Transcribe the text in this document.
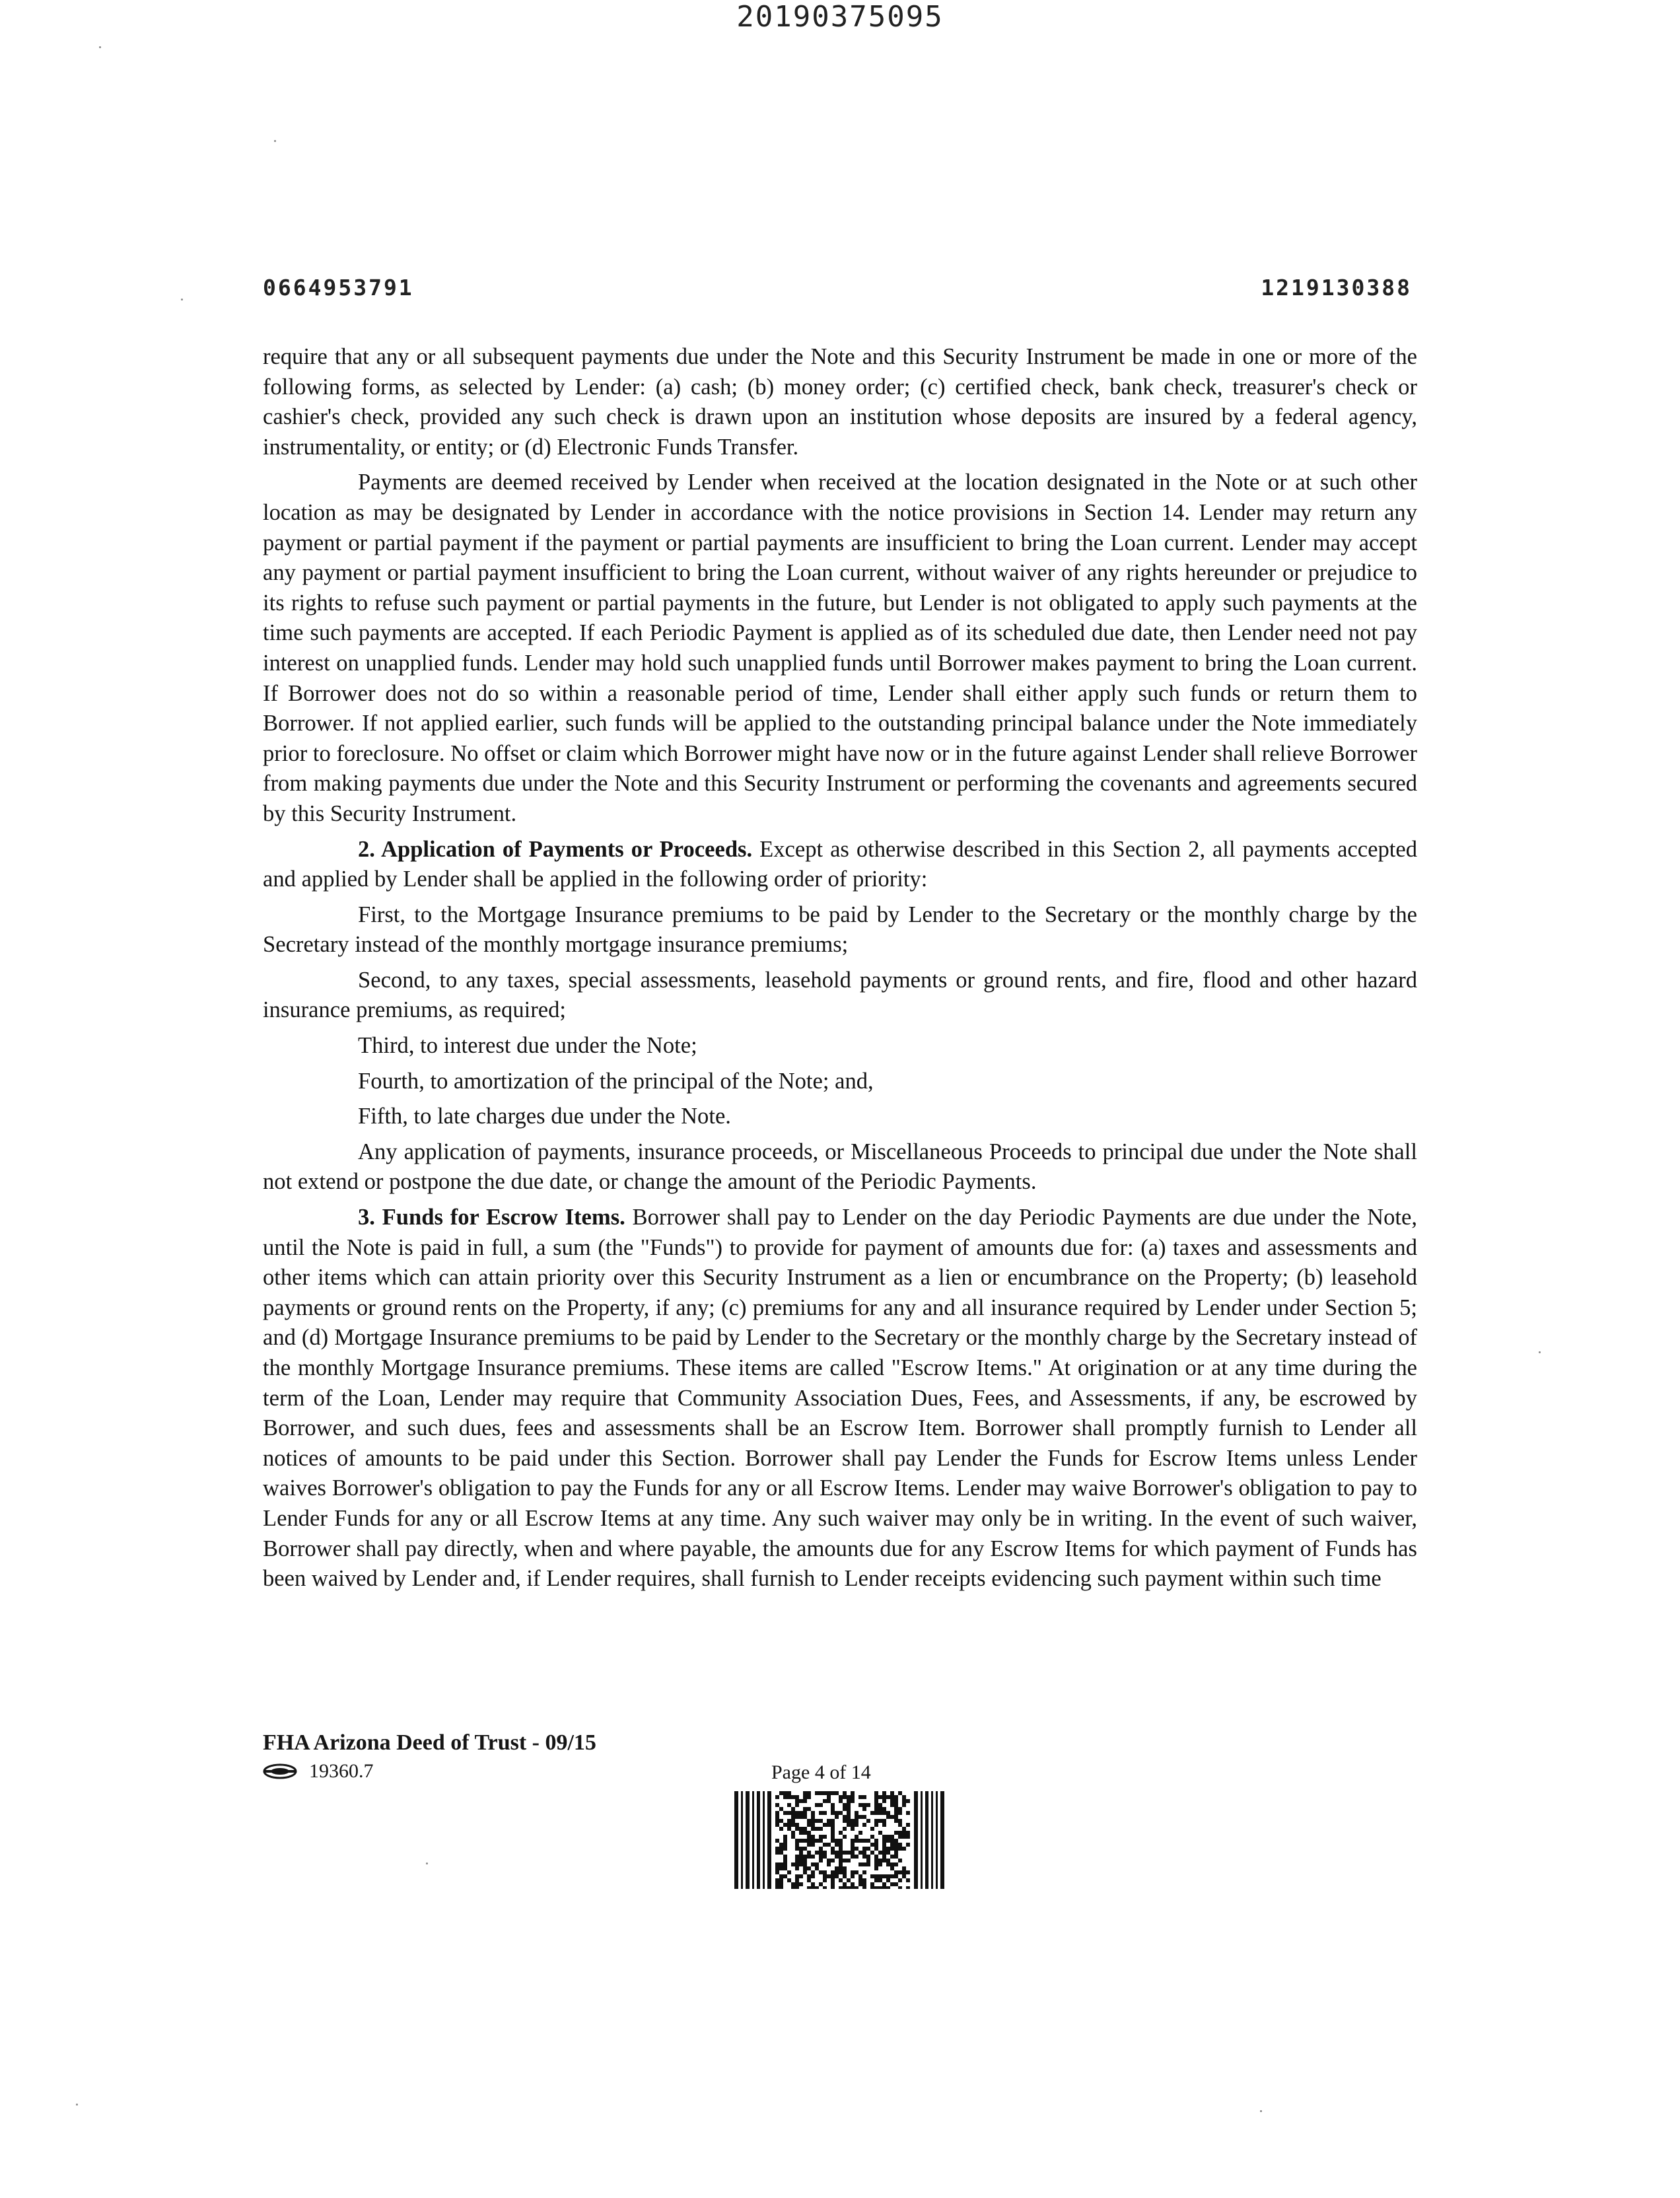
20190375095
0664953791	1219130388

require that any or all subsequent payments due under the Note and this Security Instrument be made in one or more of the following forms, as selected by Lender: (a) cash; (b) money order; (c) certified check, bank check, treasurer's check or cashier's check, provided any such check is drawn upon an institution whose deposits are insured by a federal agency, instrumentality, or entity; or (d) Electronic Funds Transfer.

Payments are deemed received by Lender when received at the location designated in the Note or at such other location as may be designated by Lender in accordance with the notice provisions in Section 14. Lender may return any payment or partial payment if the payment or partial payments are insufficient to bring the Loan current. Lender may accept any payment or partial payment insufficient to bring the Loan current, without waiver of any rights hereunder or prejudice to its rights to refuse such payment or partial payments in the future, but Lender is not obligated to apply such payments at the time such payments are accepted. If each Periodic Payment is applied as of its scheduled due date, then Lender need not pay interest on unapplied funds. Lender may hold such unapplied funds until Borrower makes payment to bring the Loan current. If Borrower does not do so within a reasonable period of time, Lender shall either apply such funds or return them to Borrower. If not applied earlier, such funds will be applied to the outstanding principal balance under the Note immediately prior to foreclosure. No offset or claim which Borrower might have now or in the future against Lender shall relieve Borrower from making payments due under the Note and this Security Instrument or performing the covenants and agreements secured by this Security Instrument.

2. Application of Payments or Proceeds. Except as otherwise described in this Section 2, all payments accepted and applied by Lender shall be applied in the following order of priority:

First, to the Mortgage Insurance premiums to be paid by Lender to the Secretary or the monthly charge by the Secretary instead of the monthly mortgage insurance premiums;

Second, to any taxes, special assessments, leasehold payments or ground rents, and fire, flood and other hazard insurance premiums, as required;

Third, to interest due under the Note;

Fourth, to amortization of the principal of the Note; and,

Fifth, to late charges due under the Note.

Any application of payments, insurance proceeds, or Miscellaneous Proceeds to principal due under the Note shall not extend or postpone the due date, or change the amount of the Periodic Payments.

3. Funds for Escrow Items. Borrower shall pay to Lender on the day Periodic Payments are due under the Note, until the Note is paid in full, a sum (the "Funds") to provide for payment of amounts due for: (a) taxes and assessments and other items which can attain priority over this Security Instrument as a lien or encumbrance on the Property; (b) leasehold payments or ground rents on the Property, if any; (c) premiums for any and all insurance required by Lender under Section 5; and (d) Mortgage Insurance premiums to be paid by Lender to the Secretary or the monthly charge by the Secretary instead of the monthly Mortgage Insurance premiums. These items are called "Escrow Items." At origination or at any time during the term of the Loan, Lender may require that Community Association Dues, Fees, and Assessments, if any, be escrowed by Borrower, and such dues, fees and assessments shall be an Escrow Item. Borrower shall promptly furnish to Lender all notices of amounts to be paid under this Section. Borrower shall pay Lender the Funds for Escrow Items unless Lender waives Borrower's obligation to pay the Funds for any or all Escrow Items. Lender may waive Borrower's obligation to pay to Lender Funds for any or all Escrow Items at any time. Any such waiver may only be in writing. In the event of such waiver, Borrower shall pay directly, when and where payable, the amounts due for any Escrow Items for which payment of Funds has been waived by Lender and, if Lender requires, shall furnish to Lender receipts evidencing such payment within such time

FHA Arizona Deed of Trust - 09/15
19360.7	Page 4 of 14
